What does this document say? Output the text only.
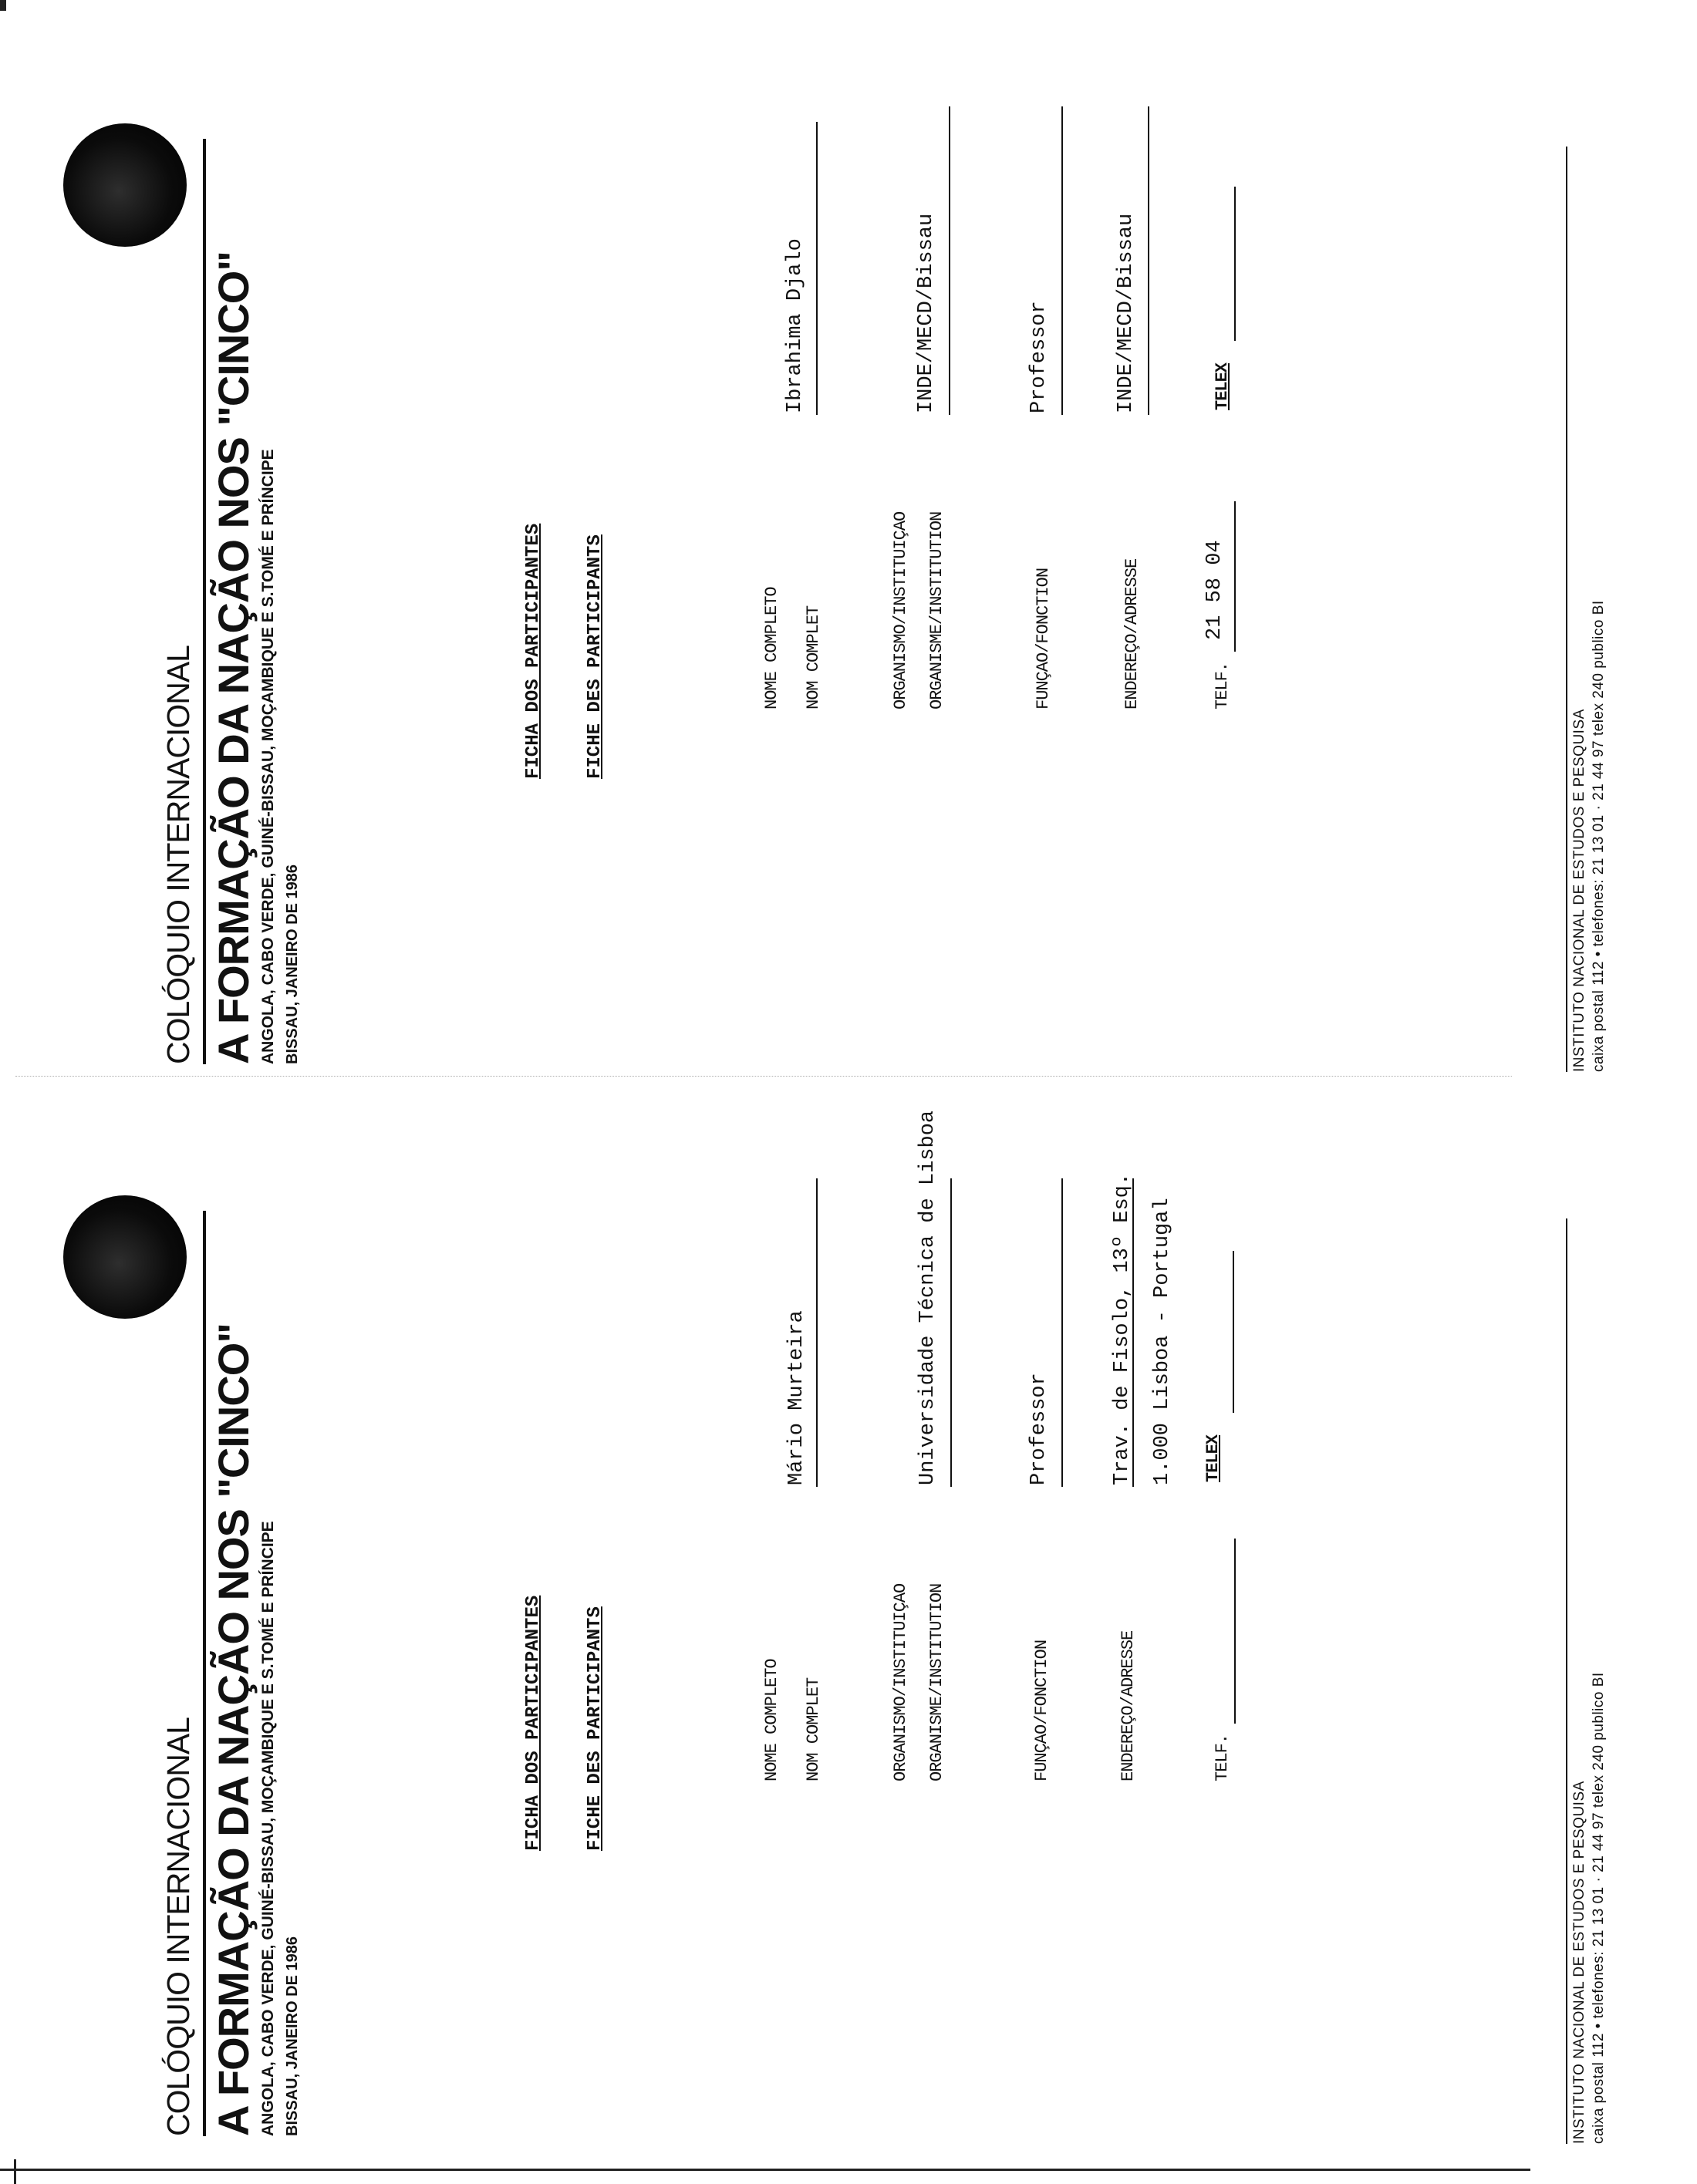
COLÓQUIO INTERNACIONAL A FORMAÇÃO DA NAÇÃO NOS "CINCO" ANGOLA, CABO VERDE, GUINÉ-BISSAU, MOÇAMBIQUE E S.TOMÉ E PRÍNCIPE BISSAU, JANEIRO DE 1986
FICHA DOS PARTICIPANTES FICHE DES PARTICIPANTS	NOME COMPLETO NOM COMPLET
Ibrahima Djalo
ORGANISMO/INSTITUIÇAO ORGANISME/INSTITUTION
INDE/MECD/Bissau
FUNÇAO/FONCTION
Professor
ENDEREÇO/ADRESSE
INDE/MECD/Bissau
TELF.
21 58 04
TELEX
INSTITUTO NACIONAL DE ESTUDOS E PESQUISA caixa postal 112 • telefones: 21 13 01 · 21 44 97 telex 240 publico BI
COLÓQUIO INTERNACIONAL A FORMAÇÃO DA NAÇÃO NOS "CINCO" ANGOLA, CABO VERDE, GUINÉ-BISSAU, MOÇAMBIQUE E S.TOMÉ E PRÍNCIPE BISSAU, JANEIRO DE 1986
FICHA DOS PARTICIPANTES FICHE DES PARTICIPANTS	NOME COMPLETO NOM COMPLET
Mário Murteira
ORGANISMO/INSTITUIÇAO ORGANISME/INSTITUTION
Universidade Técnica de Lisboa
FUNÇAO/FONCTION
Professor
ENDEREÇO/ADRESSE
Trav. de Fisolo, 13º Esq. 1.000 Lisboa - Portugal
TELF.
TELEX
INSTITUTO NACIONAL DE ESTUDOS E PESQUISA caixa postal 112 • telefones: 21 13 01 · 21 44 97 telex 240 publico BI
